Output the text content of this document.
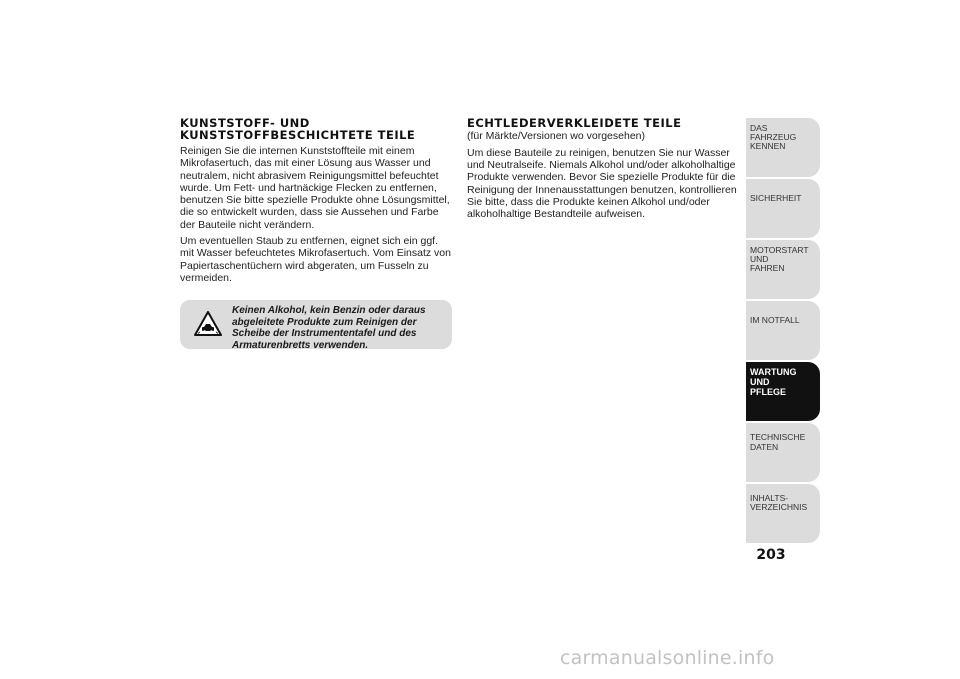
KUNSTSTOFF- UND
KUNSTSTOFFBESCHICHTETE TEILE

Reinigen Sie die internen Kunststoffteile mit einem Mikrofasertuch, das mit einer Lösung aus Wasser und neutralem, nicht abrasivem Reinigungsmittel befeuchtet wurde. Um Fett- und hartnäckige Flecken zu entfernen, benutzen Sie bitte spezielle Produkte ohne Lösungsmittel, die so entwickelt wurden, dass sie Aussehen und Farbe der Bauteile nicht verändern.

Um eventuellen Staub zu entfernen, eignet sich ein ggf. mit Wasser befeuchtetes Mikrofasertuch. Vom Einsatz von Papiertaschentüchern wird abgeraten, um Fusseln zu vermeiden.

Keinen Alkohol, kein Benzin oder daraus abgeleitete Produkte zum Reinigen der Scheibe der Instrumententafel und des Armaturenbretts verwenden.
ECHTLEDERVERKLEIDETE TEILE

(für Märkte/Versionen wo vorgesehen)

Um diese Bauteile zu reinigen, benutzen Sie nur Wasser und Neutralseife. Niemals Alkohol und/oder alkoholhaltige Produkte verwenden. Bevor Sie spezielle Produkte für die Reinigung der Innenausstattungen benutzen, kontrollieren Sie bitte, dass die Produkte keinen Alkohol und/oder alkoholhaltige Bestandteile aufweisen.

DAS FAHRZEUG

KENNEN
SICHERHEIT
MOTORSTART UND

FAHREN
IM NOTFALL
WARTUNG UND

PFLEGE
TECHNISCHE DATEN
INHALTS-

VERZEICHNIS
203
carmanualsonline.info
